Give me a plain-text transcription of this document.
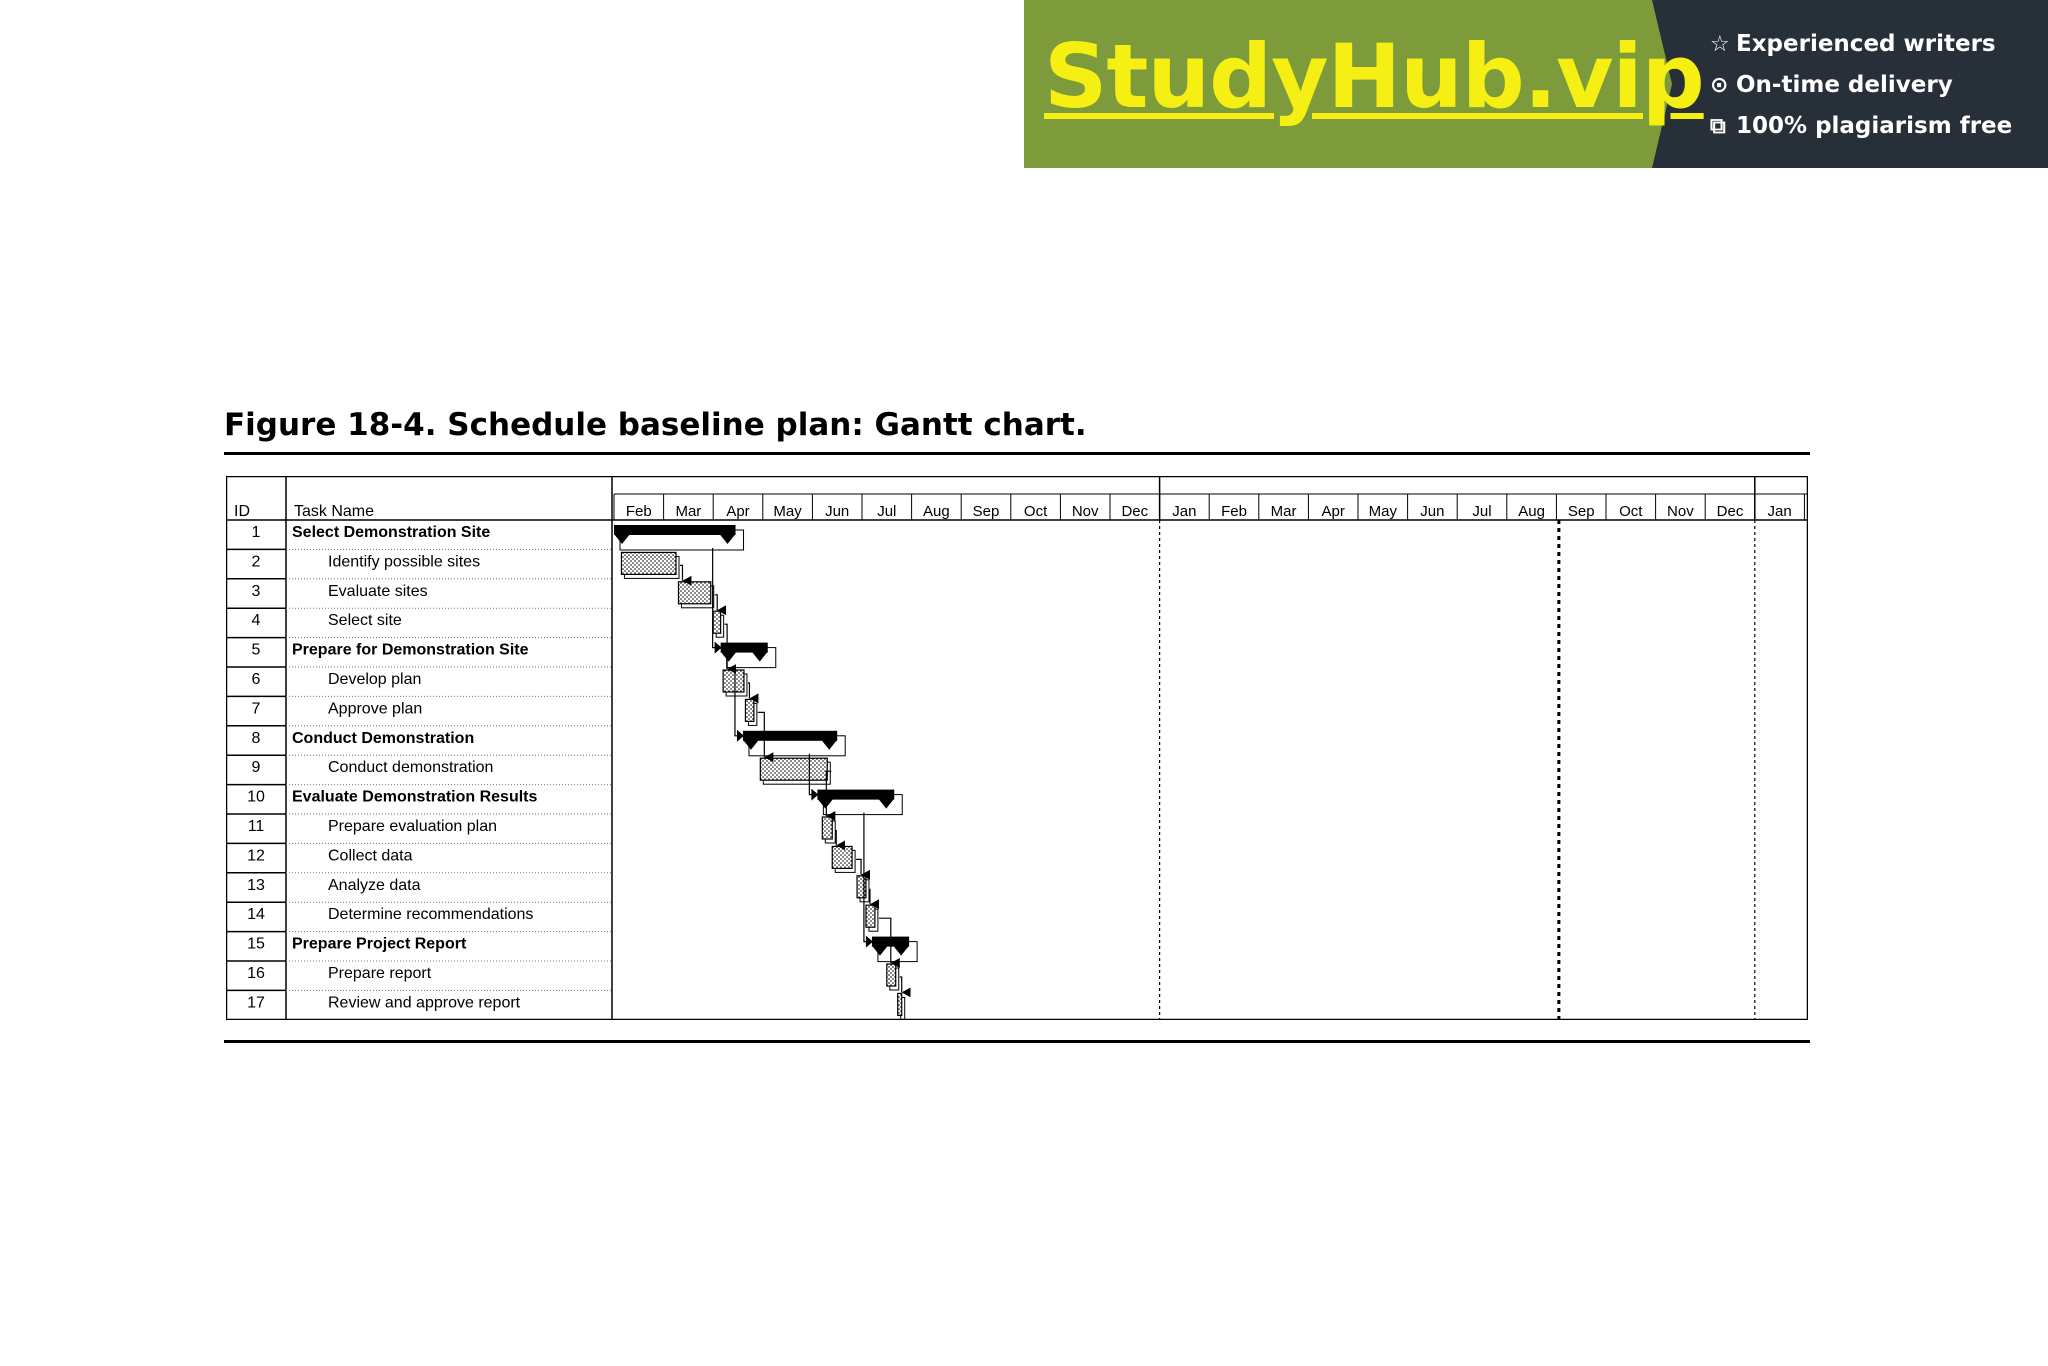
StudyHub.vip ☆ Experienced writers
⊙ On-time delivery
⧉ 100% plagiarism free
Figure 18-4. Schedule baseline plan: Gantt chart.
ID	Task Name	Feb Mar Apr May Jun Jul Aug Sep Oct Nov Dec Jan Feb Mar Apr May Jun Jul Aug Sep Oct Nov Dec Jan
1 Select Demonstration Site
2	Identify possible sites
3	Evaluate sites
4	Select site
5 Prepare for Demonstration Site
6	Develop plan
7	Approve plan
8 Conduct Demonstration
9	Conduct demonstration
10 Evaluate Demonstration Results
11	Prepare evaluation plan
12	Collect data
13	Analyze data
14	Determine recommendations
15 Prepare Project Report
16	Prepare report
17	Review and approve report
